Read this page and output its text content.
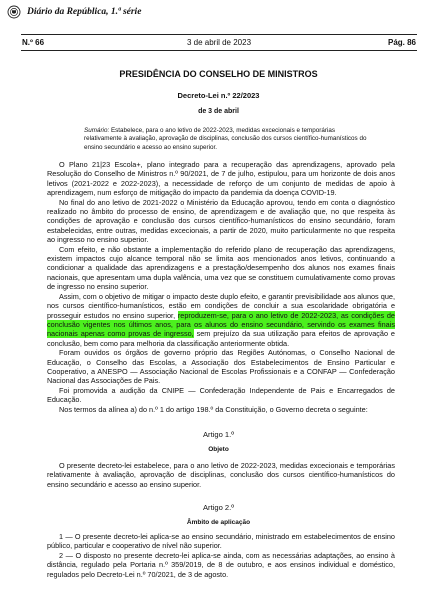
Diário da República, 1.ª série
N.º 66	3 de abril de 2023	Pág. 86
PRESIDÊNCIA DO CONSELHO DE MINISTROS
Decreto-Lei n.º 22/2023
de 3 de abril
Sumário: Estabelece, para o ano letivo de 2022-2023, medidas excecionais e temporárias relativamente à avaliação, aprovação de disciplinas, conclusão dos cursos científico-humanísticos do ensino secundário e acesso ao ensino superior.

O Plano 21|23 Escola+, plano integrado para a recuperação das aprendizagens, aprovado pela Resolução do Conselho de Ministros n.º 90/2021, de 7 de julho, estipulou, para um horizonte de dois anos letivos (2021-2022 e 2022-2023), a necessidade de reforço de um conjunto de medidas de apoio à aprendizagem, num esforço de mitigação do impacto da pandemia da doença COVID-19.

No final do ano letivo de 2021-2022 o Ministério da Educação aprovou, tendo em conta o diagnóstico realizado no âmbito do processo de ensino, de aprendizagem e de avaliação que, no que respeita às condições de aprovação e conclusão dos cursos científico-humanísticos do ensino secundário, foram estabelecidas, entre outras, medidas excecionais, a partir de 2020, muito particularmente no que respeita ao ingresso no ensino superior.

Com efeito, e não obstante a implementação do referido plano de recuperação das aprendizagens, existem impactos cujo alcance temporal não se limita aos mencionados anos letivos, continuando a condicionar a qualidade das aprendizagens e a prestação/desempenho dos alunos nos exames finais nacionais, que apresentam uma dupla valência, uma vez que se constituem cumulativamente como provas de ingresso no ensino superior.

Assim, com o objetivo de mitigar o impacto deste duplo efeito, e garantir previsibilidade aos alunos que, nos cursos científico-humanísticos, estão em condições de concluir a sua escolaridade obrigatória e prosseguir estudos no ensino superior, reproduzem-se, para o ano letivo de 2022-2023, as condições de conclusão vigentes nos últimos anos, para os alunos do ensino secundário, servindo os exames finais nacionais apenas como provas de ingresso, sem prejuízo da sua utilização para efeitos de aprovação e conclusão, bem como para melhoria da classificação anteriormente obtida.

Foram ouvidos os órgãos de governo próprio das Regiões Autónomas, o Conselho Nacional de Educação, o Conselho das Escolas, a Associação dos Estabelecimentos de Ensino Particular e Cooperativo, a ANESPO — Associação Nacional de Escolas Profissionais e a CONFAP — Confederação Nacional das Associações de Pais.

Foi promovida a audição da CNIPE — Confederação Independente de Pais e Encarregados de Educação.

Nos termos da alínea a) do n.º 1 do artigo 198.º da Constituição, o Governo decreta o seguinte:

Artigo 1.º
Objeto

O presente decreto-lei estabelece, para o ano letivo de 2022-2023, medidas excecionais e temporárias relativamente à avaliação, aprovação de disciplinas, conclusão dos cursos científico-humanísticos do ensino secundário e acesso ao ensino superior.

Artigo 2.º
Âmbito de aplicação

1 — O presente decreto-lei aplica-se ao ensino secundário, ministrado em estabelecimentos de ensino público, particular e cooperativo de nível não superior.

2 — O disposto no presente decreto-lei aplica-se ainda, com as necessárias adaptações, ao ensino à distância, regulado pela Portaria n.º 359/2019, de 8 de outubro, e aos ensinos individual e doméstico, regulados pelo Decreto-Lei n.º 70/2021, de 3 de agosto.
